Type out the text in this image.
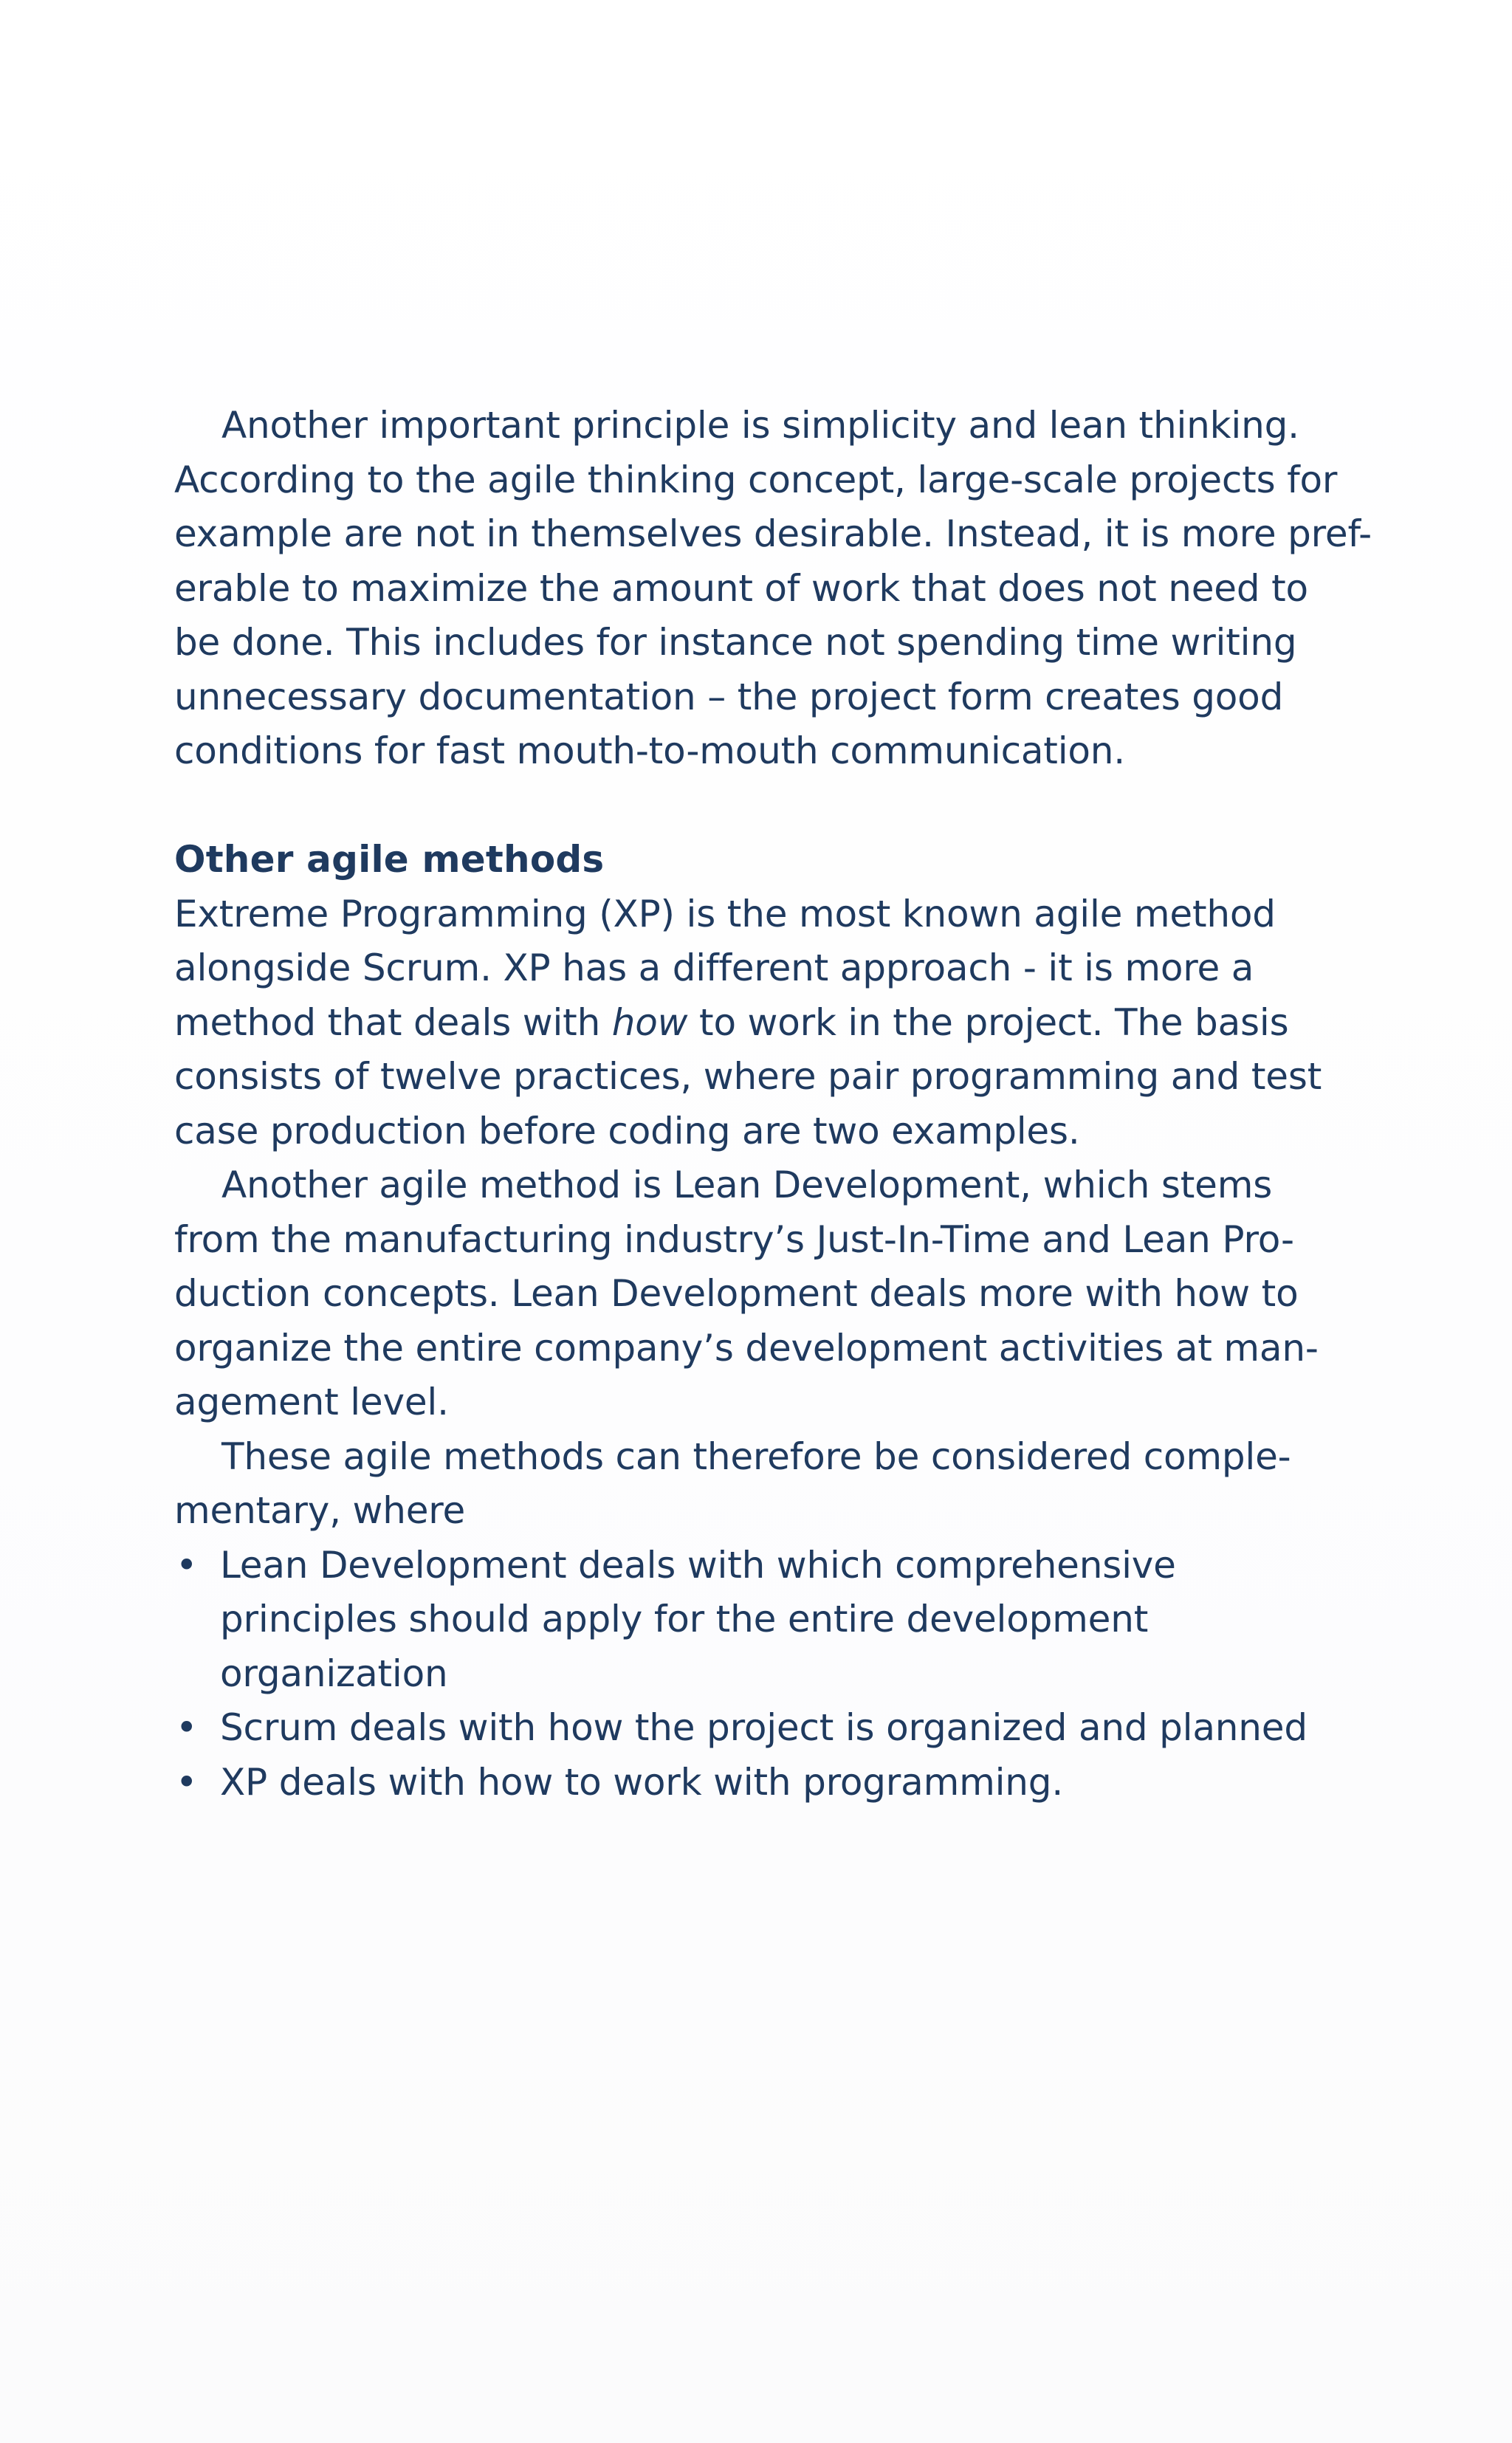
Another important principle is simplicity and lean thinking.
According to the agile thinking concept, large-scale projects for
example are not in themselves desirable. Instead, it is more pref-
erable to maximize the amount of work that does not need to
be done. This includes for instance not spending time writing
unnecessary documentation – the project form creates good
conditions for fast mouth-to-mouth communication.
Other agile methods
Extreme Programming (XP) is the most known agile method
alongside Scrum. XP has a different approach - it is more a
method that deals with how to work in the project. The basis
consists of twelve practices, where pair programming and test
case production before coding are two examples.
Another agile method is Lean Development, which stems
from the manufacturing industry’s Just-In-Time and Lean Pro-
duction concepts. Lean Development deals more with how to
organize the entire company’s development activities at man-
agement level.
These agile methods can therefore be considered comple-
mentary, where
• Lean Development deals with which comprehensive
principles should apply for the entire development
organization
• Scrum deals with how the project is organized and planned
• XP deals with how to work with programming.
